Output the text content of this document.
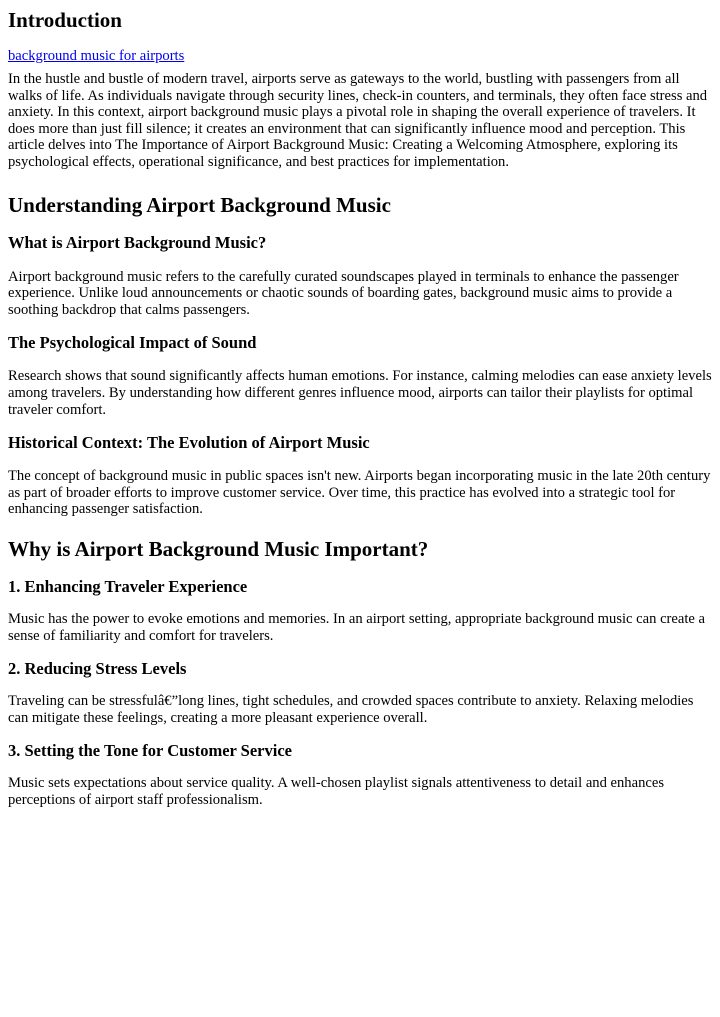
Introduction
background music for airports

In the hustle and bustle of modern travel, airports serve as gateways to the world, bustling with passengers from all walks of life. As individuals navigate through security lines, check-in counters, and terminals, they often face stress and anxiety. In this context, airport background music plays a pivotal role in shaping the overall experience of travelers. It does more than just fill silence; it creates an environment that can significantly influence mood and perception. This article delves into The Importance of Airport Background Music: Creating a Welcoming Atmosphere, exploring its psychological effects, operational significance, and best practices for implementation.

Understanding Airport Background Music
What is Airport Background Music?

Airport background music refers to the carefully curated soundscapes played in terminals to enhance the passenger experience. Unlike loud announcements or chaotic sounds of boarding gates, background music aims to provide a soothing backdrop that calms passengers.

The Psychological Impact of Sound

Research shows that sound significantly affects human emotions. For instance, calming melodies can ease anxiety levels among travelers. By understanding how different genres influence mood, airports can tailor their playlists for optimal traveler comfort.

Historical Context: The Evolution of Airport Music

The concept of background music in public spaces isn't new. Airports began incorporating music in the late 20th century as part of broader efforts to improve customer service. Over time, this practice has evolved into a strategic tool for enhancing passenger satisfaction.

Why is Airport Background Music Important?
1. Enhancing Traveler Experience

Music has the power to evoke emotions and memories. In an airport setting, appropriate background music can create a sense of familiarity and comfort for travelers.

2. Reducing Stress Levels

Traveling can be stressfulâ€”long lines, tight schedules, and crowded spaces contribute to anxiety. Relaxing melodies can mitigate these feelings, creating a more pleasant experience overall.

3. Setting the Tone for Customer Service

Music sets expectations about service quality. A well-chosen playlist signals attentiveness to detail and enhances perceptions of airport staff professionalism.
